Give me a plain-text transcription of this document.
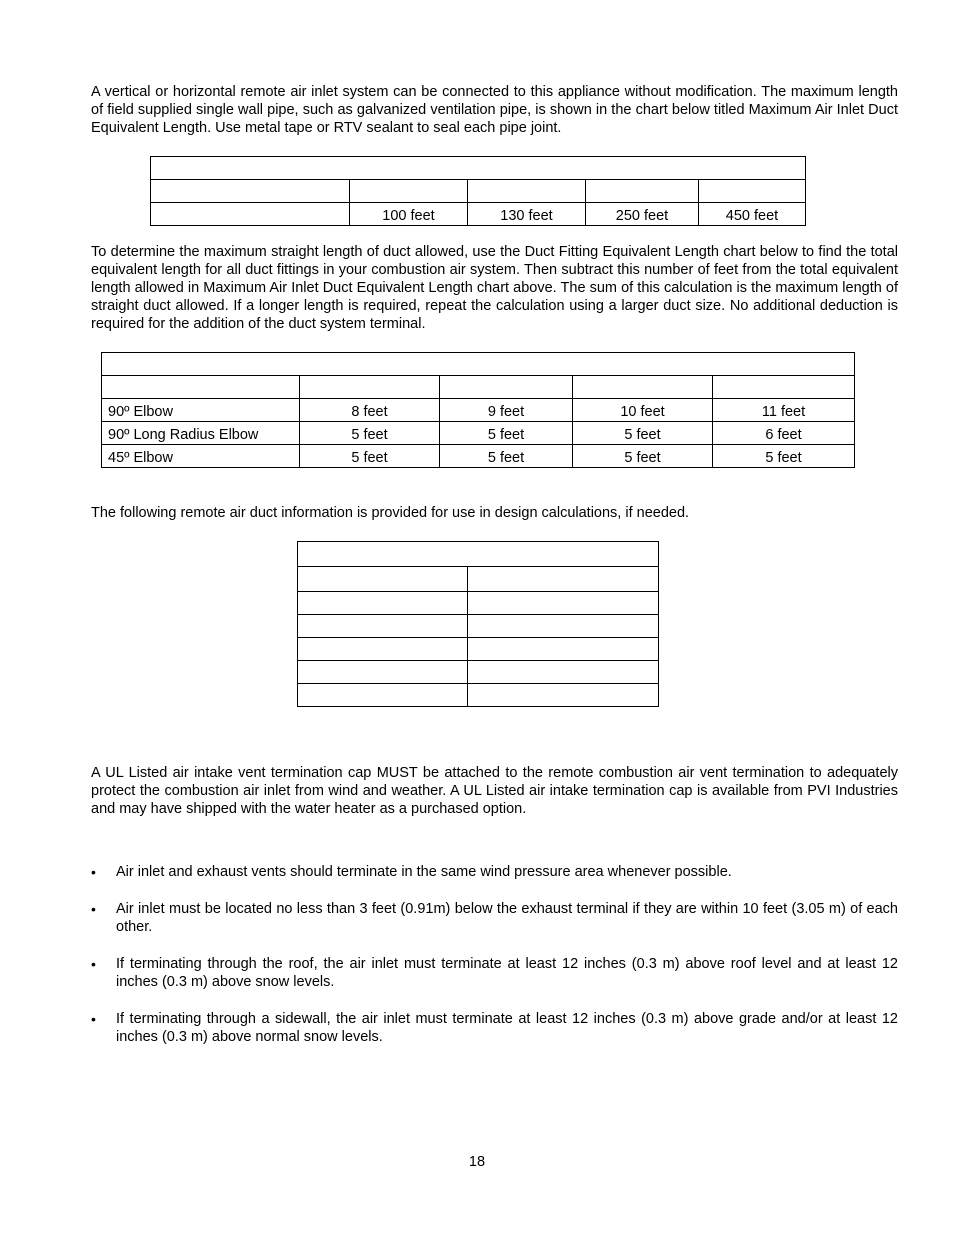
A vertical or horizontal remote air inlet system can be connected to this appliance without modification. The maximum length of field supplied single wall pipe, such as galvanized ventilation pipe, is shown in the chart below titled Maximum Air Inlet Duct Equivalent Length. Use metal tape or RTV sealant to seal each pipe joint.

	100 feet	130 feet	250 feet	450 feet

To determine the maximum straight length of duct allowed, use the Duct Fitting Equivalent Length chart below to find the total equivalent length for all duct fittings in your combustion air system. Then subtract this number of feet from the total equivalent length allowed in Maximum Air Inlet Duct Equivalent Length chart above. The sum of this calculation is the maximum length of straight duct allowed. If a longer length is required, repeat the calculation using a larger duct size. No additional deduction is required for the addition of the duct system terminal.

90º Elbow	8 feet	9 feet	10 feet	11 feet
90º Long Radius Elbow	5 feet	5 feet	5 feet	6 feet
45º Elbow	5 feet	5 feet	5 feet	5 feet

The following remote air duct information is provided for use in design calculations, if needed.

A UL Listed air intake vent termination cap MUST be attached to the remote combustion air vent termination to adequately protect the combustion air inlet from wind and weather. A UL Listed air intake termination cap is available from PVI Industries and may have shipped with the water heater as a purchased option.

•	Air inlet and exhaust vents should terminate in the same wind pressure area whenever possible.
•	Air inlet must be located no less than 3 feet (0.91m) below the exhaust terminal if they are within 10 feet (3.05 m) of each other.
•	If terminating through the roof, the air inlet must terminate at least 12 inches (0.3 m) above roof level and at least 12 inches (0.3 m) above snow levels.
•	If terminating through a sidewall, the air inlet must terminate at least 12 inches (0.3 m) above grade and/or at least 12 inches (0.3 m) above normal snow levels.
18
